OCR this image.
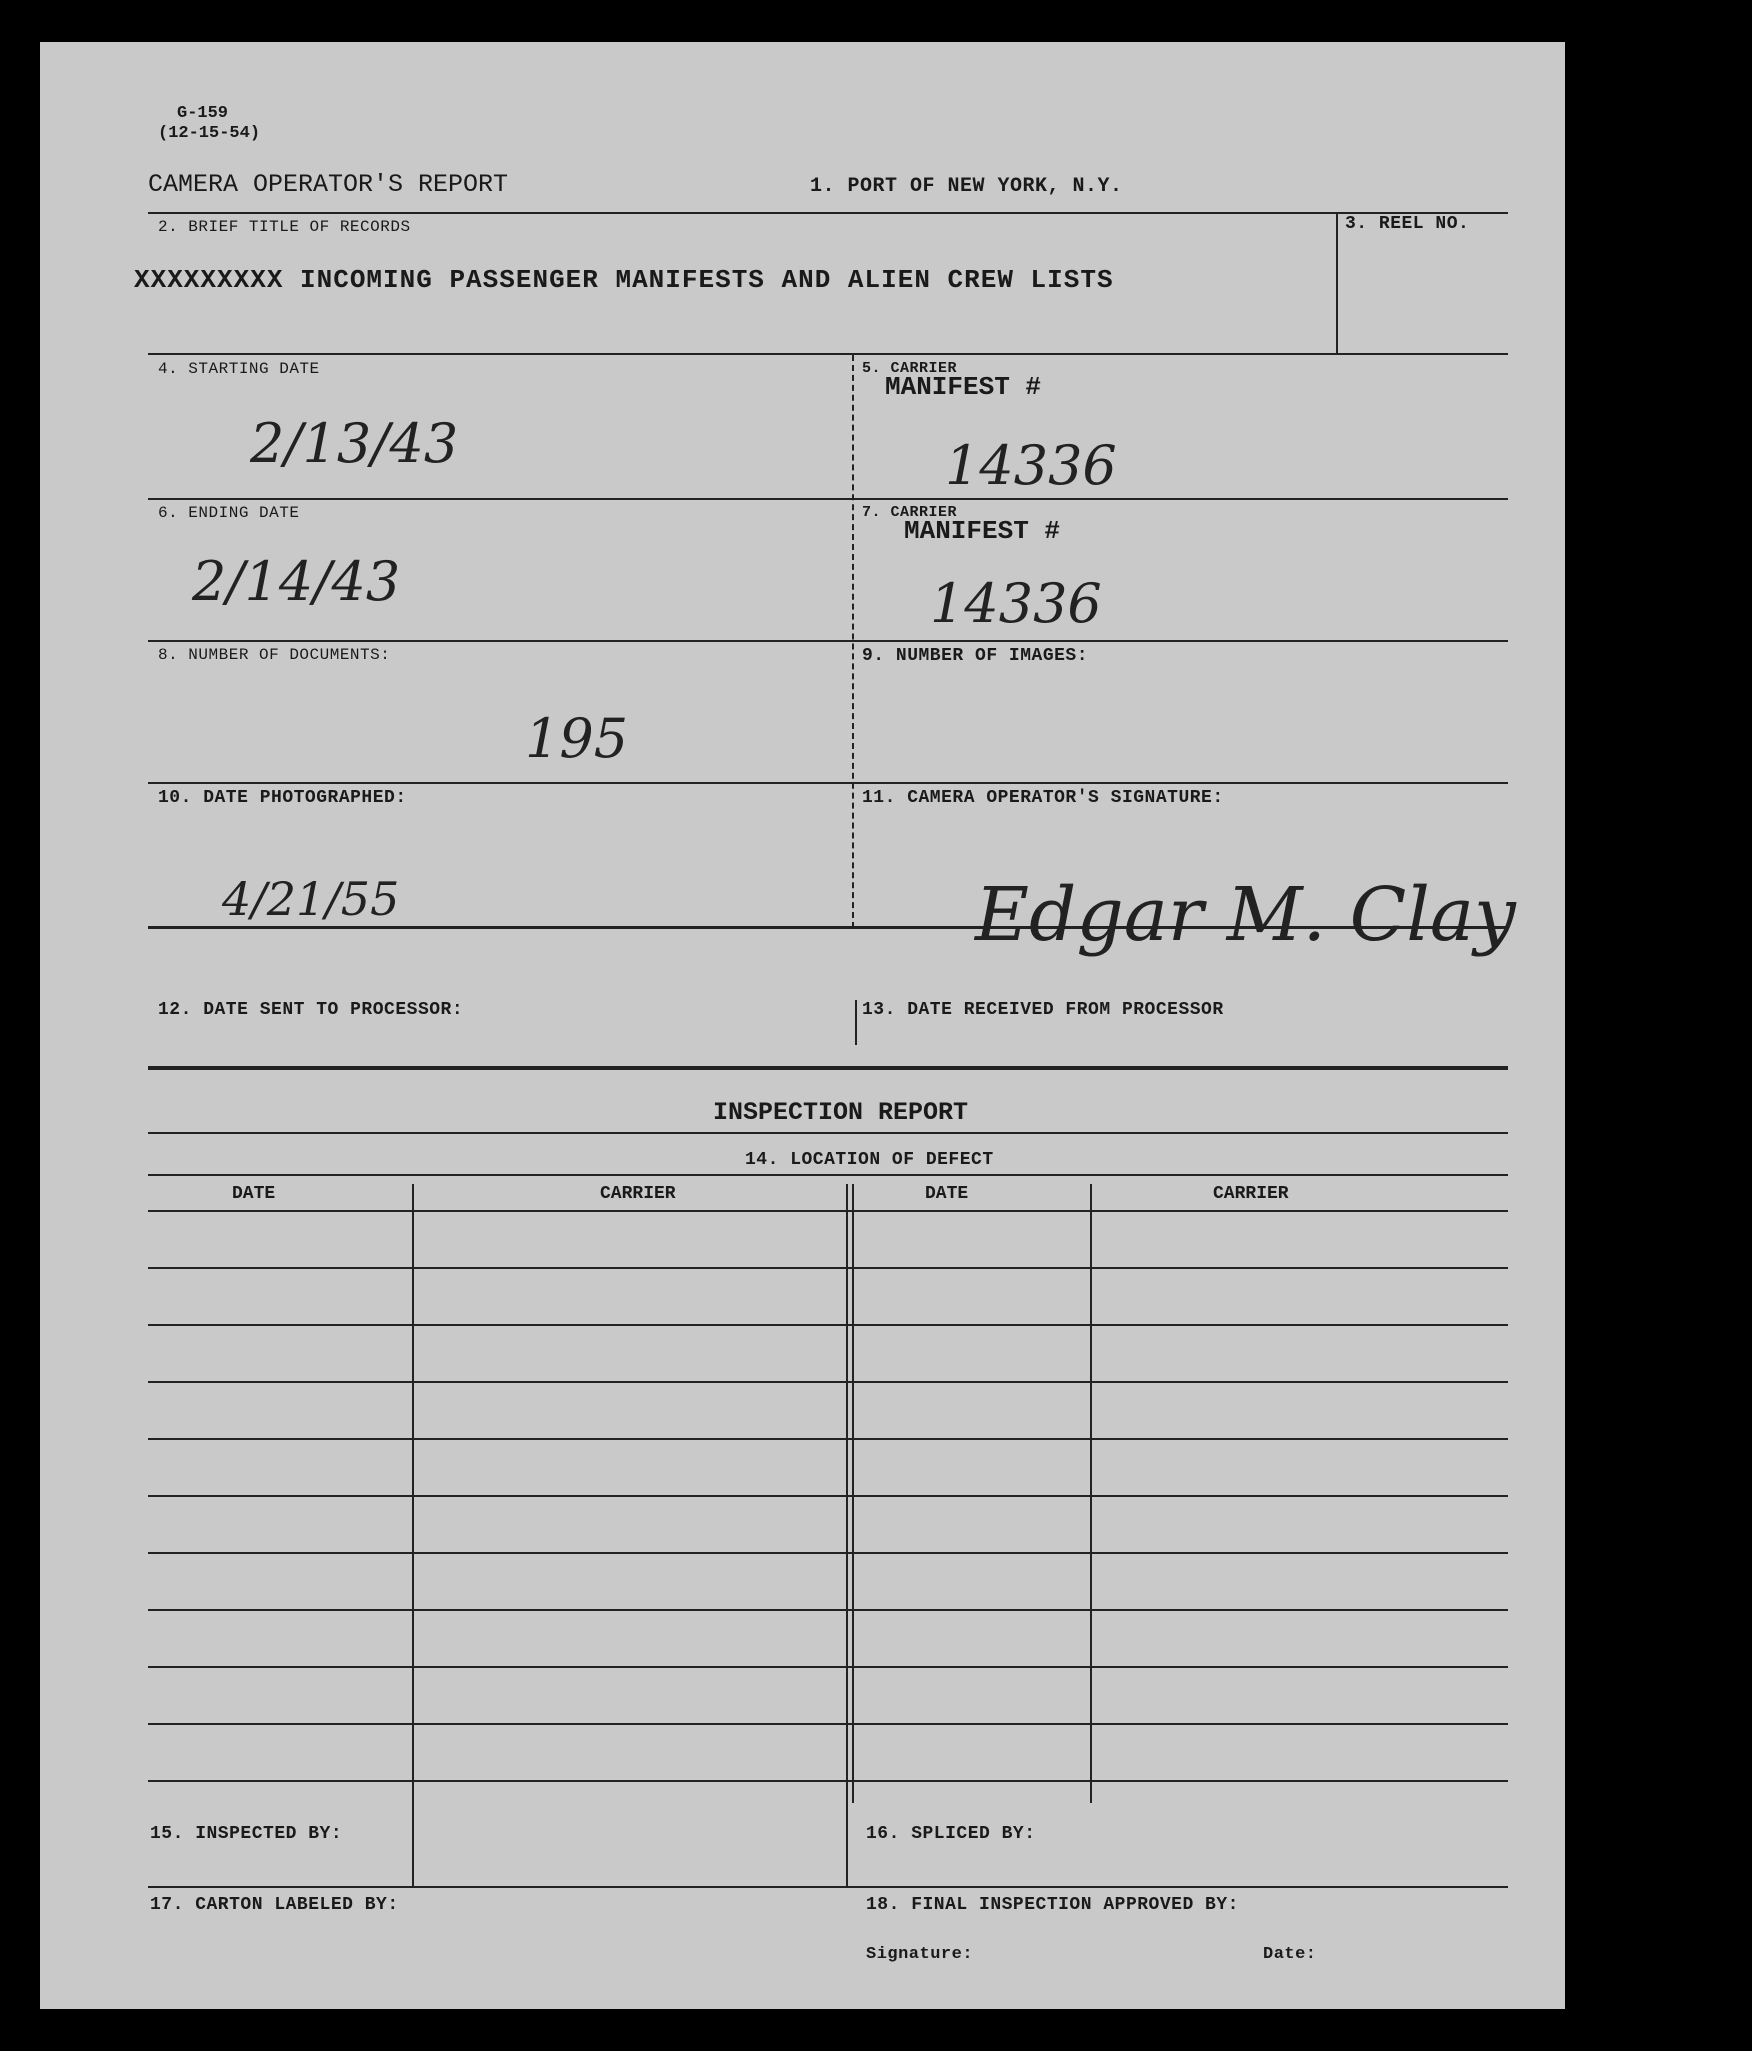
G-159
(12-15-54)
CAMERA OPERATOR'S REPORT	1. PORT OF NEW YORK, N.Y.
2. BRIEF TITLE OF RECORDS	3. REEL NO.
XXXXXXXXX INCOMING PASSENGER MANIFESTS AND ALIEN CREW LISTS
4. STARTING DATE
2/13/43
5. CARRIER
MANIFEST #
14336
6. ENDING DATE
2/14/43
7. CARRIER
MANIFEST #
14336
8. NUMBER OF DOCUMENTS:
195
9. NUMBER OF IMAGES:
10. DATE PHOTOGRAPHED:
4/21/55
11. CAMERA OPERATOR'S SIGNATURE:
Edgar M. Clay
12. DATE SENT TO PROCESSOR:	13. DATE RECEIVED FROM PROCESSOR
INSPECTION REPORT
14. LOCATION OF DEFECT
DATE	CARRIER	DATE	CARRIER
15. INSPECTED BY:	16. SPLICED BY:
17. CARTON LABELED BY:	18. FINAL INSPECTION APPROVED BY:
Signature:	Date:
